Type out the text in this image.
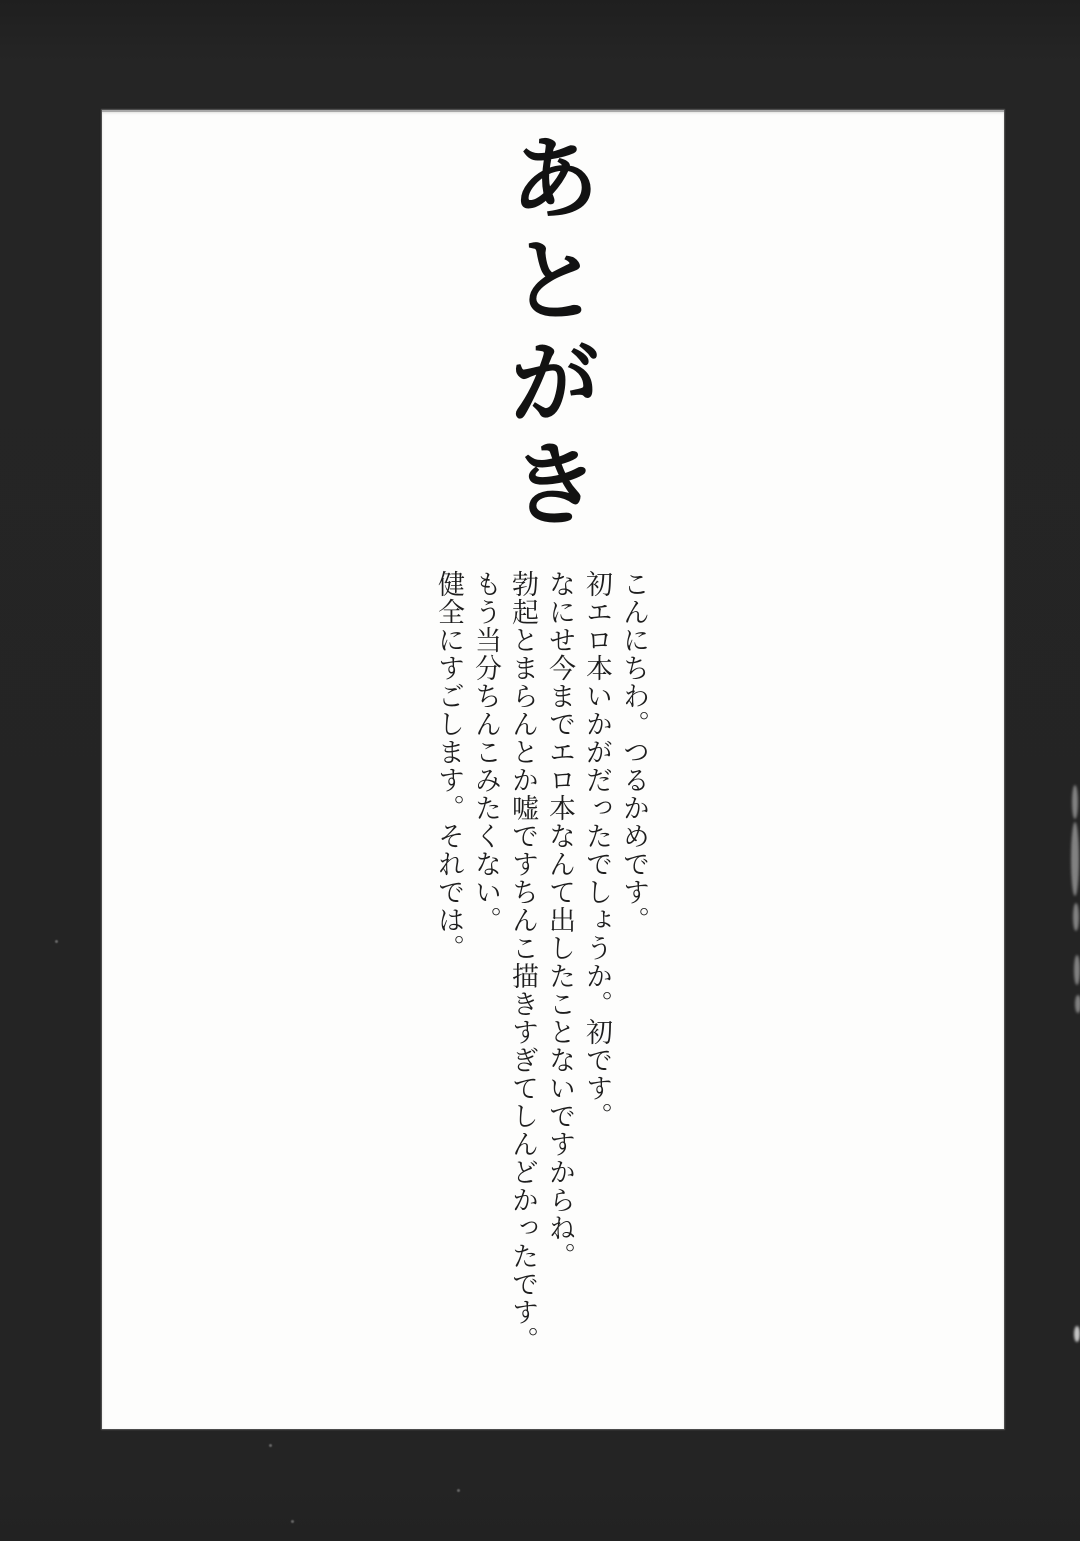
あとがき
こんにちわ。つるかめです。
初エロ本いかがだったでしょうか。初です。
なにせ今までエロ本なんて出したことないですからね。
勃起とまらんとか嘘ですちんこ描きすぎてしんどかったです。
もう当分ちんこみたくない。
健全にすごします。それでは。
